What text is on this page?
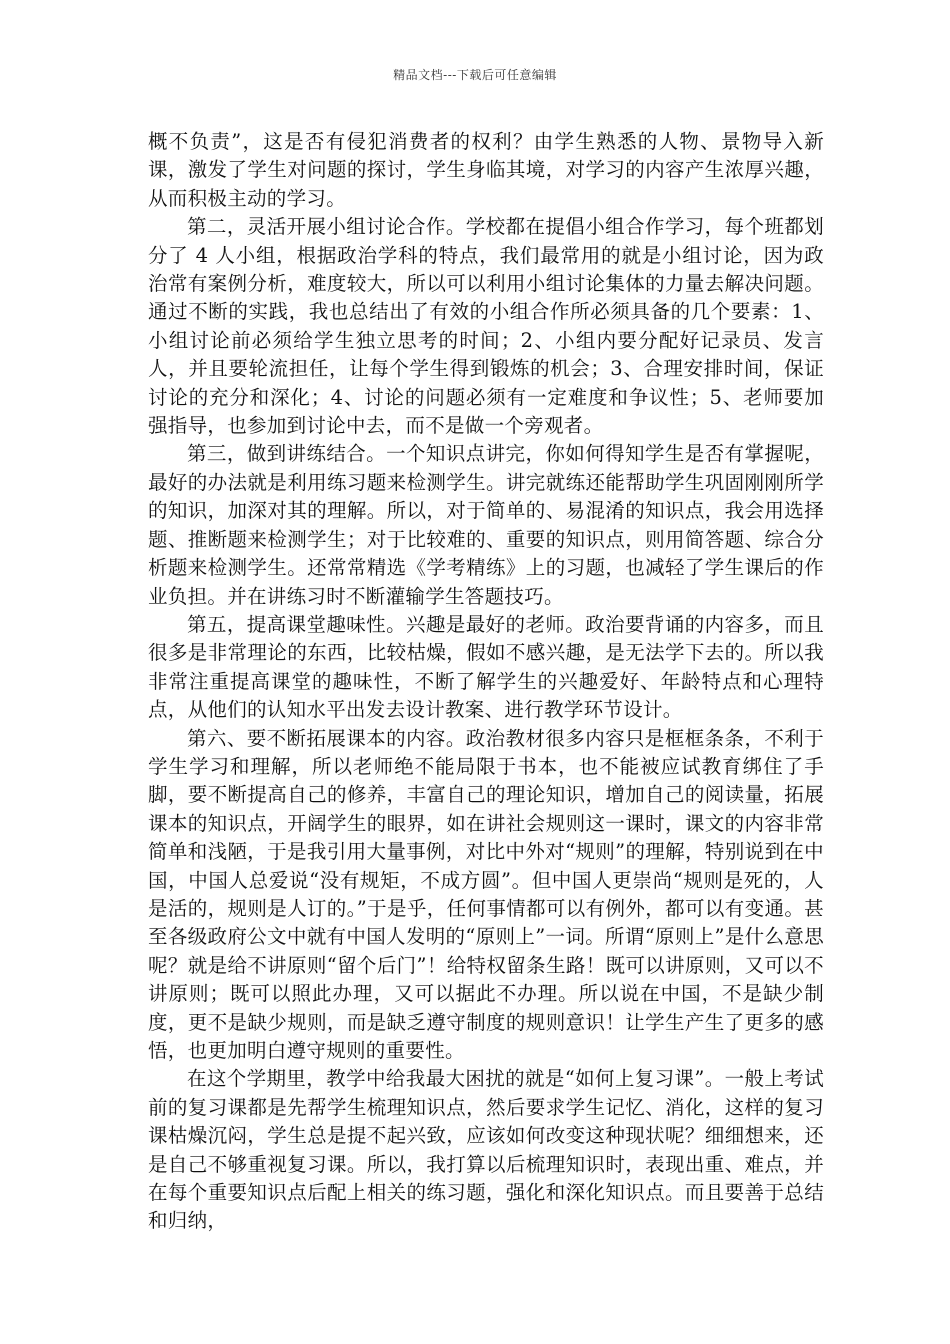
精品文档---下载后可任意编辑

概不负责”，这是否有侵犯消费者的权利？由学生熟悉的人物、景物导入新课，激发了学生对问题的探讨，学生身临其境，对学习的内容产生浓厚兴趣，从而积极主动的学习。

第二，灵活开展小组讨论合作。学校都在提倡小组合作学习，每个班都划分了 4 人小组，根据政治学科的特点，我们最常用的就是小组讨论，因为政治常有案例分析，难度较大，所以可以利用小组讨论集体的力量去解决问题。通过不断的实践，我也总结出了有效的小组合作所必须具备的几个要素：1、小组讨论前必须给学生独立思考的时间；2、小组内要分配好记录员、发言人，并且要轮流担任，让每个学生得到锻炼的机会；3、合理安排时间，保证讨论的充分和深化；4、讨论的问题必须有一定难度和争议性；5、老师要加强指导，也参加到讨论中去，而不是做一个旁观者。

第三，做到讲练结合。一个知识点讲完，你如何得知学生是否有掌握呢，最好的办法就是利用练习题来检测学生。讲完就练还能帮助学生巩固刚刚所学的知识，加深对其的理解。所以，对于简单的、易混淆的知识点，我会用选择题、推断题来检测学生；对于比较难的、重要的知识点，则用简答题、综合分析题来检测学生。还常常精选《学考精练》上的习题，也减轻了学生课后的作业负担。并在讲练习时不断灌输学生答题技巧。

第五，提高课堂趣味性。兴趣是最好的老师。政治要背诵的内容多，而且很多是非常理论的东西，比较枯燥，假如不感兴趣，是无法学下去的。所以我非常注重提高课堂的趣味性，不断了解学生的兴趣爱好、年龄特点和心理特点，从他们的认知水平出发去设计教案、进行教学环节设计。

第六、要不断拓展课本的内容。政治教材很多内容只是框框条条，不利于学生学习和理解，所以老师绝不能局限于书本，也不能被应试教育绑住了手脚，要不断提高自己的修养，丰富自己的理论知识，增加自己的阅读量，拓展课本的知识点，开阔学生的眼界，如在讲社会规则这一课时，课文的内容非常简单和浅陋，于是我引用大量事例，对比中外对“规则”的理解，特别说到在中国，中国人总爱说“没有规矩，不成方圆”。但中国人更崇尚“规则是死的，人是活的，规则是人订的。”于是乎，任何事情都可以有例外，都可以有变通。甚至各级政府公文中就有中国人发明的“原则上”一词。所谓“原则上”是什么意思呢？就是给不讲原则“留个后门”！给特权留条生路！既可以讲原则，又可以不讲原则；既可以照此办理，又可以据此不办理。所以说在中国，不是缺少制度，更不是缺少规则，而是缺乏遵守制度的规则意识！让学生产生了更多的感悟，也更加明白遵守规则的重要性。

在这个学期里，教学中给我最大困扰的就是“如何上复习课”。一般上考试前的复习课都是先帮学生梳理知识点，然后要求学生记忆、消化，这样的复习课枯燥沉闷，学生总是提不起兴致，应该如何改变这种现状呢？细细想来，还是自己不够重视复习课。所以，我打算以后梳理知识时，表现出重、难点，并在每个重要知识点后配上相关的练习题，强化和深化知识点。而且要善于总结和归纳，
